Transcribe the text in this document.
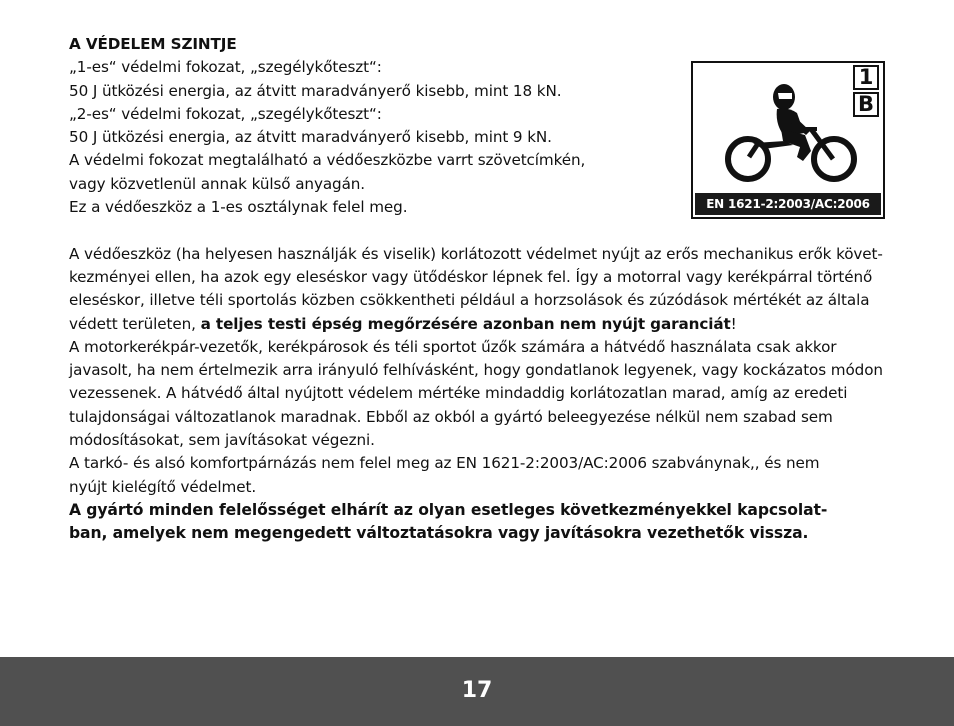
A VÉDELEM SZINTJE

„1-es“ védelmi fokozat, „szegélykőteszt“:

50 J ütközési energia, az átvitt maradványerő kisebb, mint 18 kN.

„2-es“ védelmi fokozat, „szegélykőteszt“:

50 J ütközési energia, az átvitt maradványerő kisebb, mint 9 kN.

A védelmi fokozat megtalálható a védőeszközbe varrt szövetcímkén,

vagy közvetlenül annak külső anyagán.

Ez a védőeszköz a 1-es osztálynak felel meg.

A védőeszköz (ha helyesen használják és viselik) korlátozott védelmet nyújt az erős mechanikus erők követ-

kezményei ellen, ha azok egy eleséskor vagy ütődéskor lépnek fel. Így a motorral vagy kerékpárral történő

eleséskor, illetve téli sportolás közben csökkentheti például a horzsolások és zúzódások mértékét az általa

védett területen, a teljes testi épség megőrzésére azonban nem nyújt garanciát!

A motorkerékpár-vezetők, kerékpárosok és téli sportot űzők számára a hátvédő használata csak akkor

javasolt, ha nem értelmezik arra irányuló felhívásként, hogy gondatlanok legyenek, vagy kockázatos módon

vezessenek. A hátvédő által nyújtott védelem mértéke mindaddig korlátozatlan marad, amíg az eredeti

tulajdonságai változatlanok maradnak. Ebből az okból a gyártó beleegyezése nélkül nem szabad sem

módosításokat, sem javításokat végezni.

A tarkó- és alsó komfortpárnázás nem felel meg az EN 1621-2:2003/AC:2006 szabványnak,, és nem

nyújt kielégítő védelmet.

A gyártó minden felelősséget elhárít az olyan esetleges következményekkel kapcsolat-

ban, amelyek nem megengedett változtatásokra vagy javításokra vezethetők vissza.

1
B
EN 1621-2:2003/AC:2006
17
